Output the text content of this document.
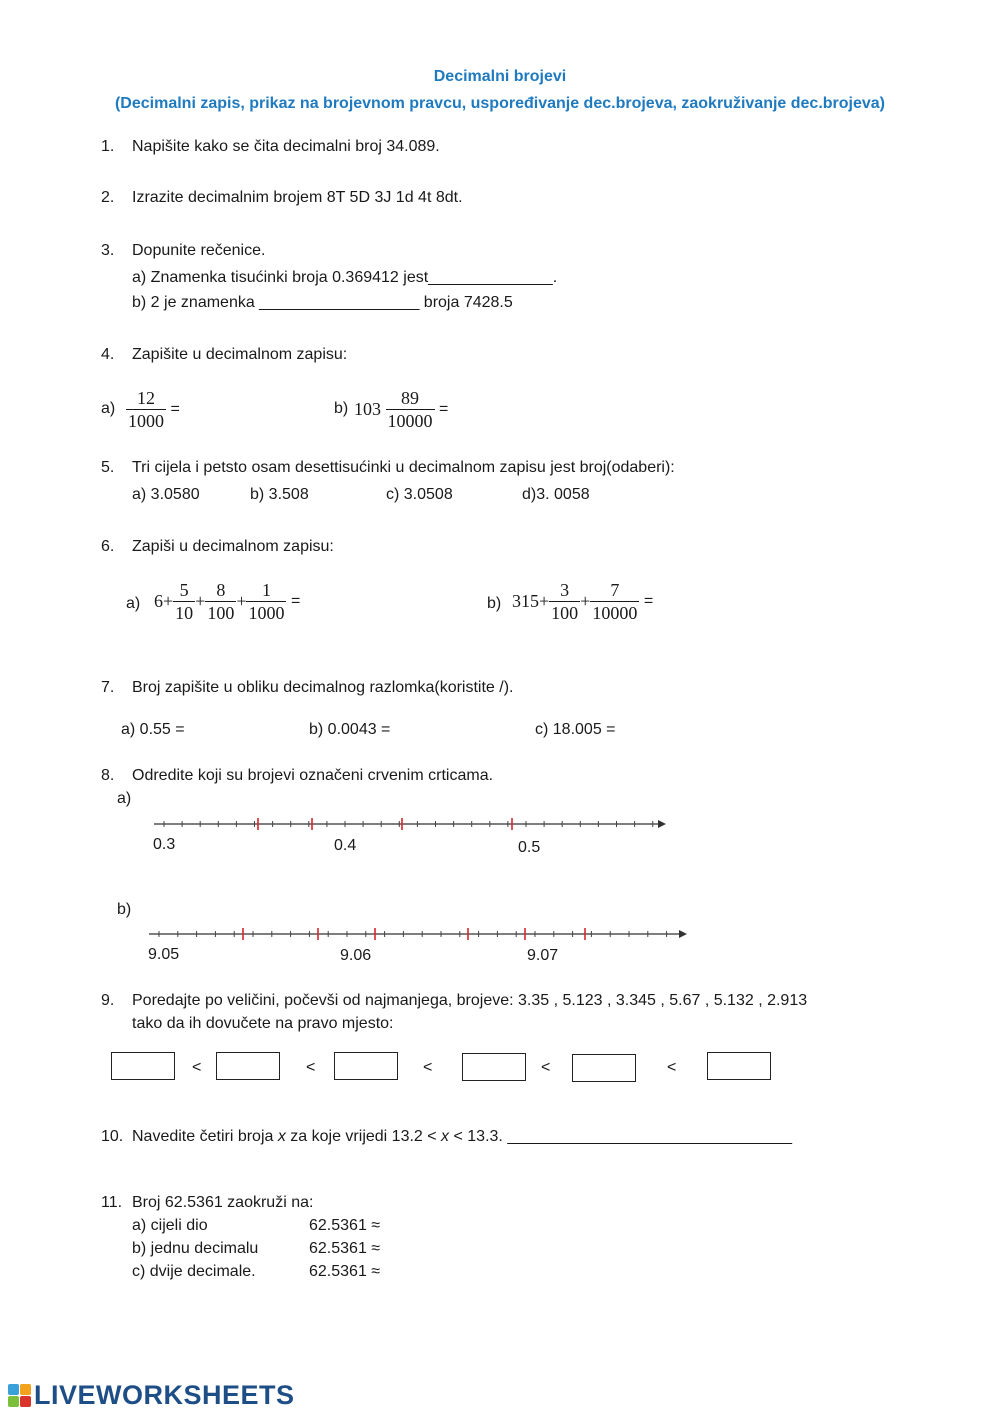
Decimalni brojevi
(Decimalni zapis, prikaz na brojevnom pravcu, uspoređivanje dec.brojeva, zaokruživanje dec.brojeva)
1.	Napišite kako se čita decimalni broj 34.089.
2.	Izrazite decimalnim brojem 8T 5D 3J 1d 4t 8dt.
3.	Dopunite rečenice.
a) Znamenka tisućinki broja 0.369412 jest______________.
b) 2 je znamenka __________________ broja 7428.5
4.	Zapišite u decimalnom zapisu:
$a) \frac{12}{1000}$ =	b) $103 \frac{89}{10000}$ =
5.	Tri cijela i petsto osam desettisućinki u decimalnom zapisu jest broj(odaberi):
a) 3.0580	b) 3.508	c) 3.0508	d)3. 0058
6.	Zapiši u decimalnom zapisu:
a) $6+ \frac{5}{10} + \frac{8}{100} + \frac{1}{1000}$ =	b) $315+ \frac{3}{100} + \frac{7}{10000}$ =
7.	Broj zapišite u obliku decimalnog razlomka(koristite /).
a) 0.55 =	b) 0.0043 =	c) 18.005 =
8.	Odredite koji su brojevi označeni crvenim crticama.
a)
0.3	0.4	0.5
b)
9.05	9.06	9.07
9.	Poredajte po veličini, počevši od najmanjega, brojeve: 3.35 , 5.123 , 3.345 , 5.67 , 5.132 , 2.913
tako da ih dovučete na pravo mjesto:
<	<	<	<	<
10. Navedite četiri broja x za koje vrijedi 13.2 < x < 13.3. ________________________________
11. Broj 62.5361 zaokruži na:
a) cijeli dio	62.5361 ≈
b) jednu decimalu	62.5361 ≈
c) dvije decimale.	62.5361 ≈
LIVEWORKSHEETS
